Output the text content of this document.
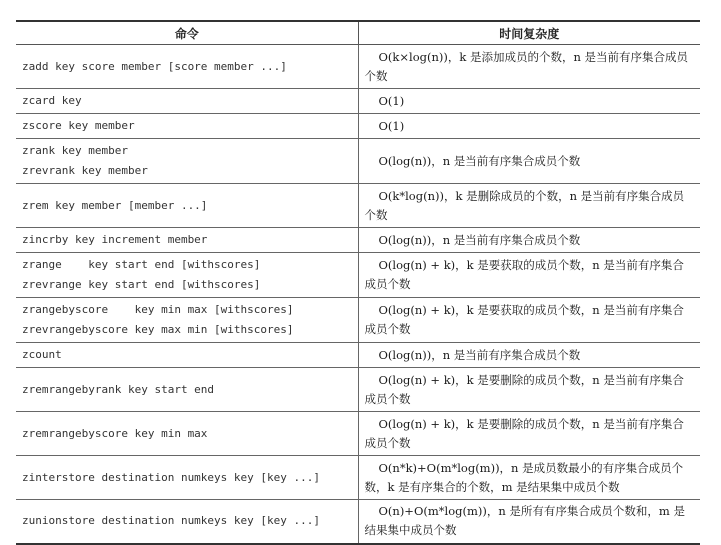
命令	时间复杂度
zadd key score member [score member ...]	O(k×log(n))，k 是添加成员的个数，n 是当前有序集合成员个数
zcard key	O(1)
zscore key member	O(1)
zrank key member
zrevrank key member	O(log(n))，n 是当前有序集合成员个数
zrem key member [member ...]	O(k*log(n))，k 是删除成员的个数，n 是当前有序集合成员个数
zincrby key increment member	O(log(n))，n 是当前有序集合成员个数
zrange    key start end [withscores]
zrevrange key start end [withscores]	O(log(n) + k)，k 是要获取的成员个数，n 是当前有序集合成员个数
zrangebyscore    key min max [withscores]
zrevrangebyscore key max min [withscores]	O(log(n) + k)，k 是要获取的成员个数，n 是当前有序集合成员个数
zcount	O(log(n))，n 是当前有序集合成员个数
zremrangebyrank key start end	O(log(n) + k)，k 是要删除的成员个数，n 是当前有序集合成员个数
zremrangebyscore key min max	O(log(n) + k)，k 是要删除的成员个数，n 是当前有序集合成员个数
zinterstore destination numkeys key [key ...]	O(n*k)+O(m*log(m))，n 是成员数最小的有序集合成员个数，k 是有序集合的个数，m 是结果集中成员个数
zunionstore destination numkeys key [key ...]	O(n)+O(m*log(m))，n 是所有有序集合成员个数和，m 是结果集中成员个数
